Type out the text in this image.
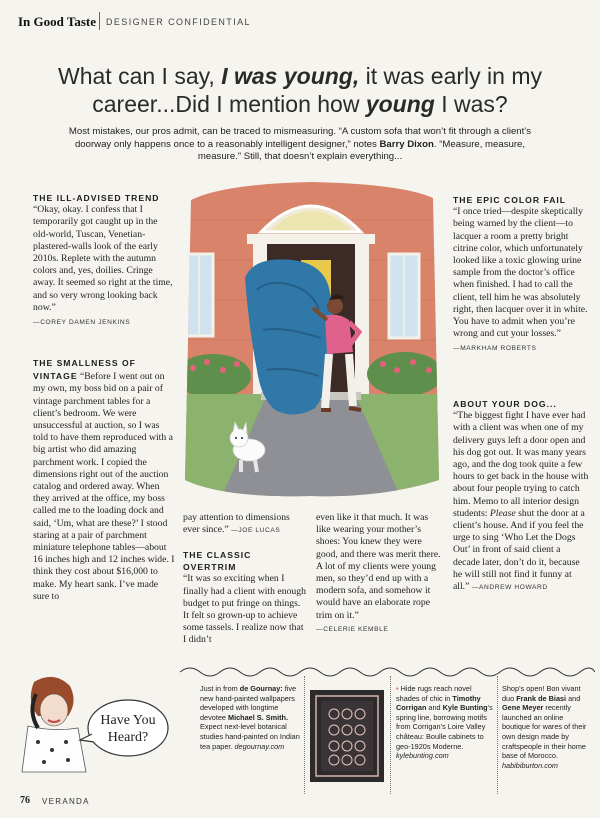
In Good Taste DESIGNER CONFIDENTIAL
What can I say, I was young, it was early in my career...Did I mention how young I was?
Most mistakes, our pros admit, can be traced to mismeasuring. “A custom sofa that won’t fit through a client’s doorway only happens once to a reasonably intelligent designer,” notes Barry Dixon. “Measure, measure, measure.” Still, that doesn’t explain everything...
THE ILL-ADVISED TREND
“Okay, okay. I confess that I temporarily got caught up in the old-world, Tuscan, Venetian-plastered-walls look of the early 2010s. Replete with the autumn colors and, yes, doilies. Cringe away. It seemed so right at the time, and so very wrong looking back now.”
—COREY DAMEN JENKINS
THE SMALLNESS OF VINTAGE “Before I went out on my own, my boss bid on a pair of vintage parchment tables for a client’s bedroom. We were unsuccessful at auction, so I was told to have them reproduced with a big artist who did amazing parchment work. I copied the dimensions right out of the auction catalog and ordered away. When they arrived at the office, my boss called me to the loading dock and said, ‘Um, what are these?’ I stood staring at a pair of parchment miniature telephone tables—about 16 inches high and 12 inches wide. I think they cost about $16,000 to make. My heart sank. I’ve made sure to
pay attention to dimensions ever since.” —JOE LUCAS
THE CLASSIC OVERTRIM
“It was so exciting when I finally had a client with enough budget to put fringe on things. It felt so grown-up to achieve some tassels. I realize now that I didn’t
even like it that much. It was like wearing your mother’s shoes: You knew they were good, and there was merit there. A lot of my clients were young men, so they’d end up with a modern sofa, and somehow it would have an elaborate rope trim on it.”
—CELERIE KEMBLE
THE EPIC COLOR FAIL
“I once tried—despite skeptically being warned by the client—to lacquer a room a pretty bright citrine color, which unfortunately looked like a toxic glowing urine sample from the doctor’s office when finished. I had to call the client, tell him he was absolutely right, then lacquer over it in white. You have to admit when you’re wrong and cut your losses.”
—MARKHAM ROBERTS
ABOUT YOUR DOG...
“The biggest fight I have ever had with a client was when one of my delivery guys left a door open and his dog got out. It was many years ago, and the dog took quite a few hours to get back in the house with about four people trying to catch him. Memo to all interior design students: Please shut the door at a client’s house. And if you feel the urge to sing ‘Who Let the Dogs Out’ in front of said client a decade later, don’t do it, because he will still not find it funny at all.” —ANDREW HOWARD
Have You
Heard?
Just in from de Gournay: five new hand-painted wallpapers developed with longtime devotee Michael S. Smith. Expect next-level botanical studies hand-painted on Indian tea paper. degournay.com
• Hide rugs reach novel shades of chic in Timothy Corrigan and Kyle Bunting’s spring line, borrowing motifs from Corrigan’s Loire Valley château: Boulle cabinets to geo-1920s Moderne. kylebunting.com
Shop’s open! Bon vivant duo Frank de Biasi and Gene Meyer recently launched an online boutique for wares of their own design made by craftspeople in their home base of Morocco. habibiburton.com
76 VERANDA
